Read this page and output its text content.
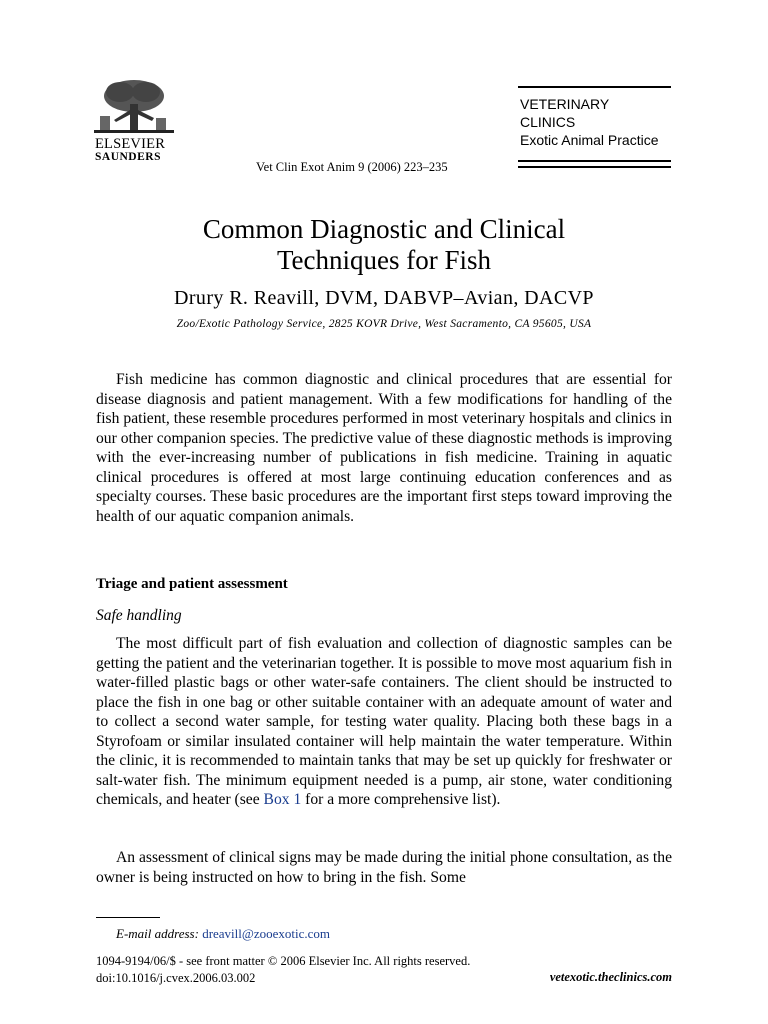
ELSEVIER
SAUNDERS
Vet Clin Exot Anim 9 (2006) 223–235
VETERINARY
CLINICS
Exotic Animal Practice
Common Diagnostic and Clinical
Techniques for Fish
Drury R. Reavill, DVM, DABVP–Avian, DACVP
Zoo/Exotic Pathology Service, 2825 KOVR Drive, West Sacramento, CA 95605, USA

Fish medicine has common diagnostic and clinical procedures that are essential for disease diagnosis and patient management. With a few modifications for handling of the fish patient, these resemble procedures performed in most veterinary hospitals and clinics in our other companion species. The predictive value of these diagnostic methods is improving with the ever-increasing number of publications in fish medicine. Training in aquatic clinical procedures is offered at most large continuing education conferences and as specialty courses. These basic procedures are the important first steps toward improving the health of our aquatic companion animals.

Triage and patient assessment
Safe handling

The most difficult part of fish evaluation and collection of diagnostic samples can be getting the patient and the veterinarian together. It is possible to move most aquarium fish in water-filled plastic bags or other water-safe containers. The client should be instructed to place the fish in one bag or other suitable container with an adequate amount of water and to collect a second water sample, for testing water quality. Placing both these bags in a Styrofoam or similar insulated container will help maintain the water temperature. Within the clinic, it is recommended to maintain tanks that may be set up quickly for freshwater or salt-water fish. The minimum equipment needed is a pump, air stone, water conditioning chemicals, and heater (see Box 1 for a more comprehensive list).

An assessment of clinical signs may be made during the initial phone consultation, as the owner is being instructed on how to bring in the fish. Some

E-mail address: dreavill@zooexotic.com
1094-9194/06/$ - see front matter © 2006 Elsevier Inc. All rights reserved.
doi:10.1016/j.cvex.2006.03.002	vetexotic.theclinics.com
